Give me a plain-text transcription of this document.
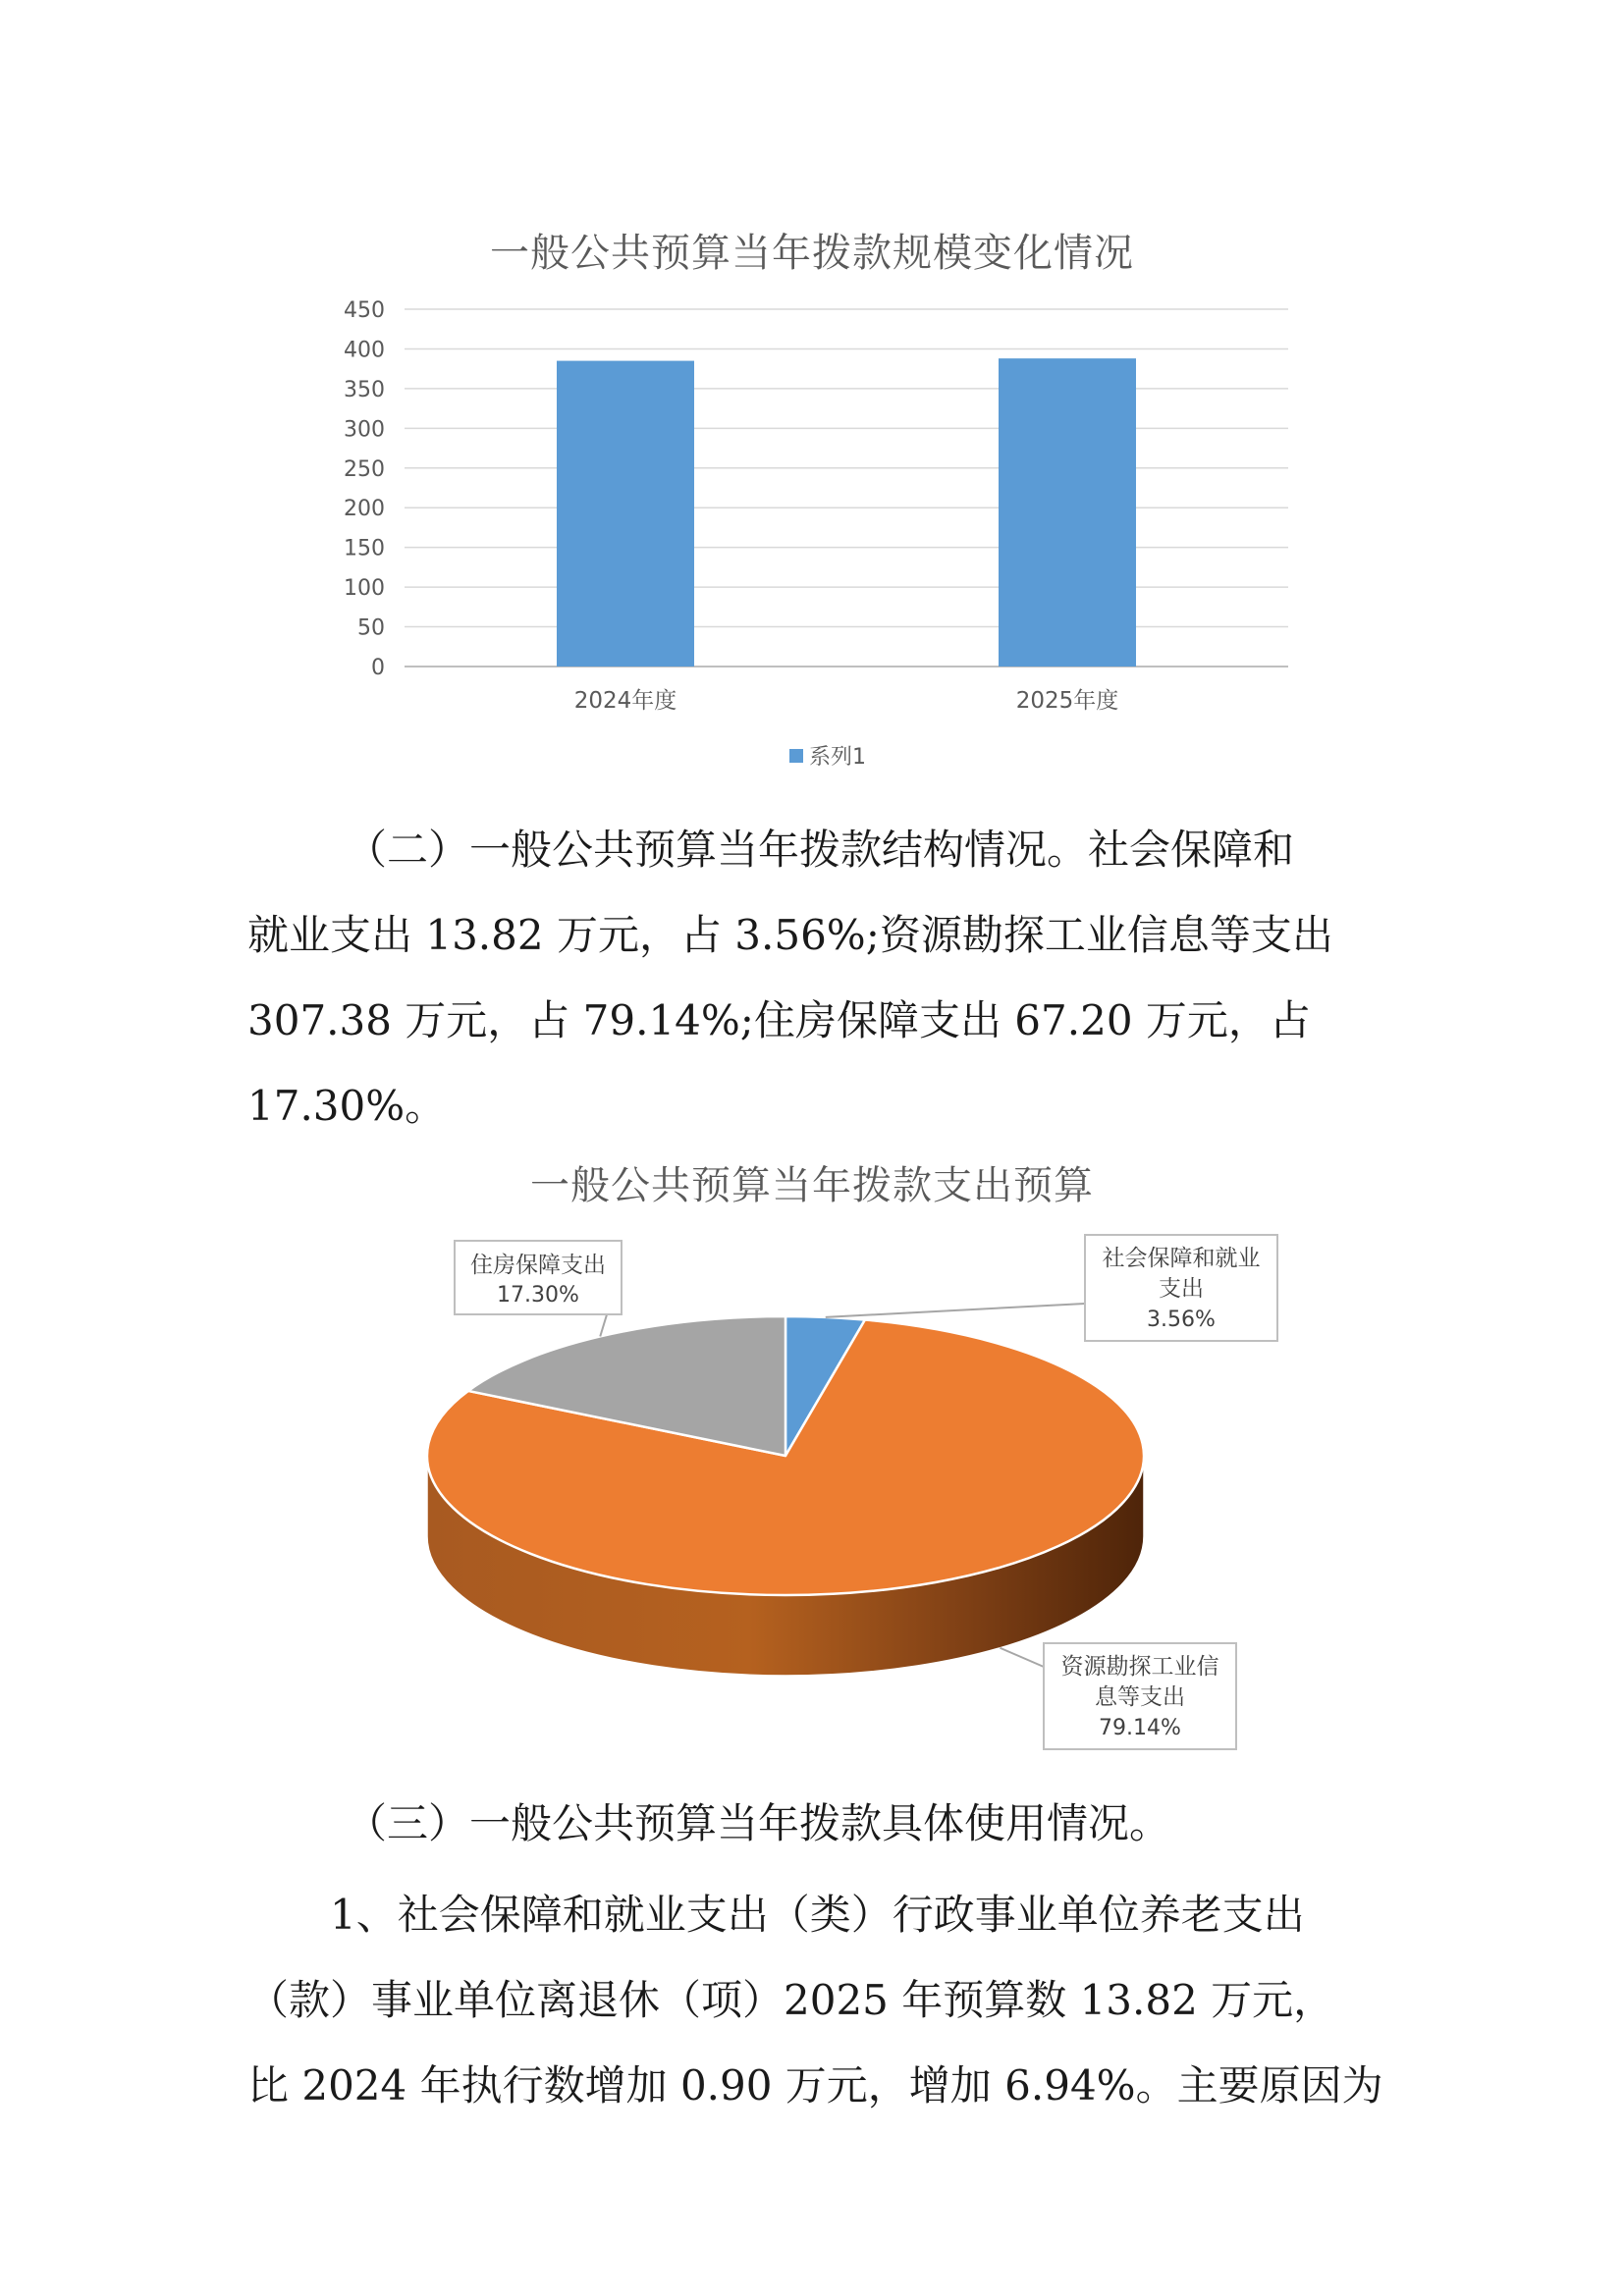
一般公共预算当年拨款规模变化情况
0
50
100
150
200
250
300
350
400
450
2024年度	2025年度
系列1

（二）一般公共预算当年拨款结构情况。社会保障和

就业支出 13.82 万元，占 3.56%;资源勘探工业信息等支出

307.38 万元，占 79.14%;住房保障支出 67.20 万元，占

17.30%。

一般公共预算当年拨款支出预算
社会保障和就业
支出
3.56%
住房保障支出
17.30%
资源勘探工业信
息等支出
79.14%

（三）一般公共预算当年拨款具体使用情况。

1、社会保障和就业支出（类）行政事业单位养老支出

（款）事业单位离退休（项）2025 年预算数 13.82 万元，

比 2024 年执行数增加 0.90 万元，增加 6.94%。主要原因为
